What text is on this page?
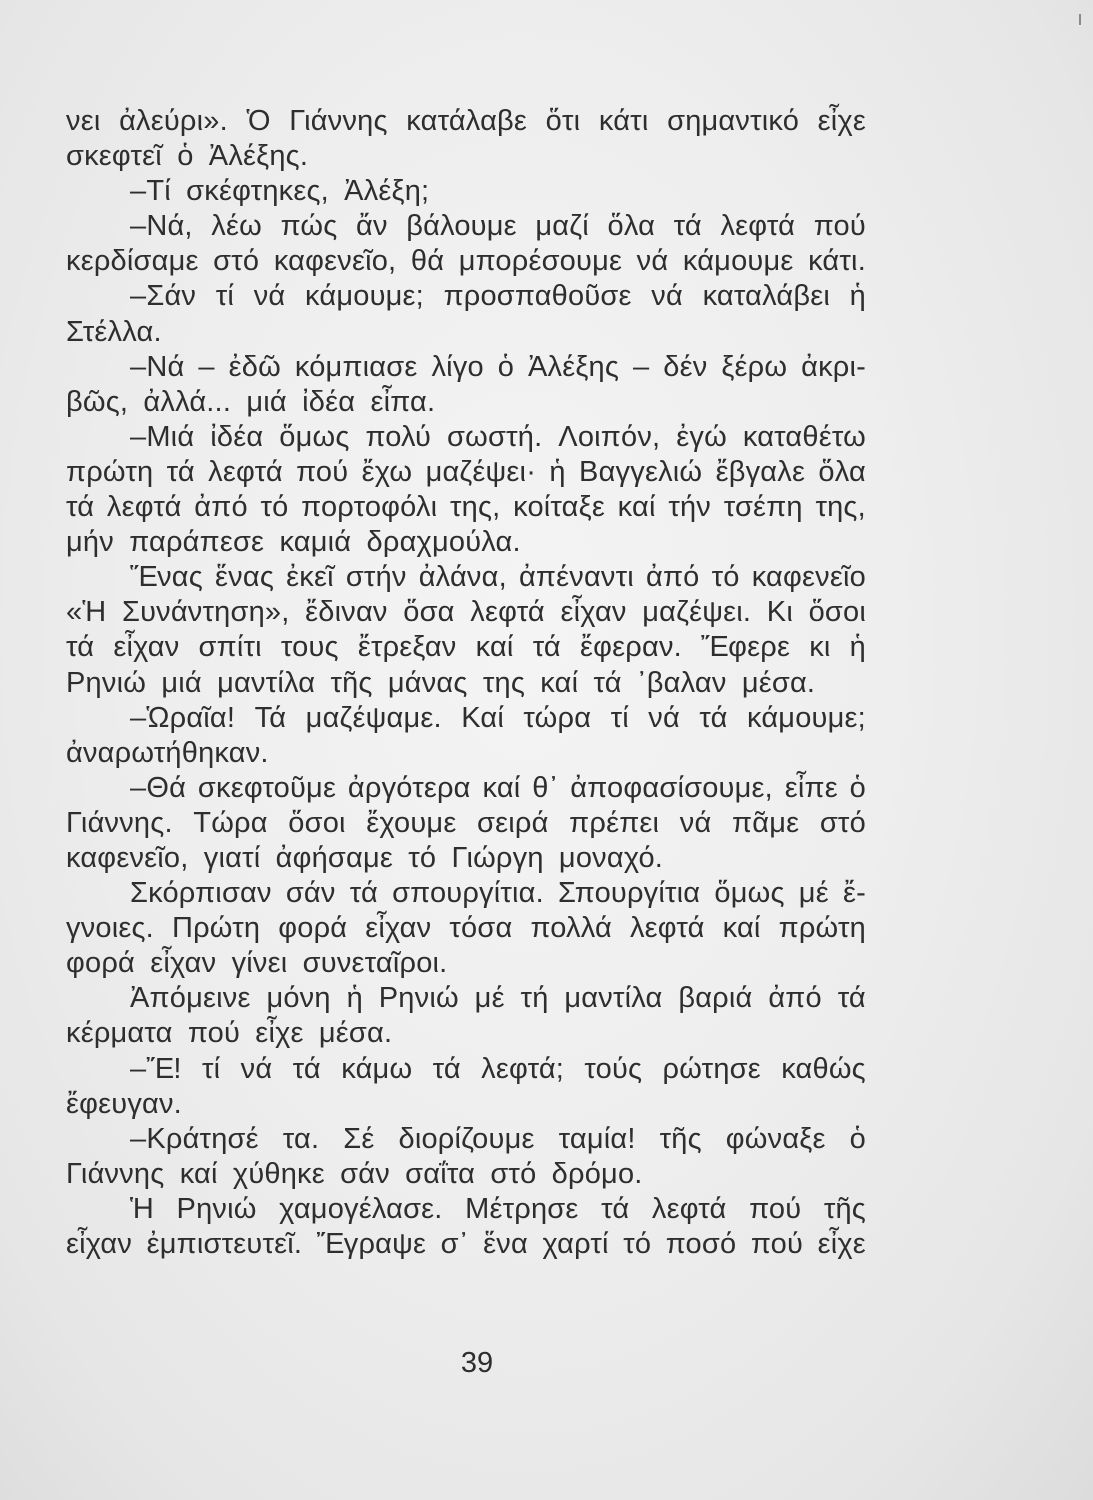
νει ἀλεύρι». Ὁ Γιάννης κατάλαβε ὅτι κάτι σημαντικό εἶχε
σκεφτεῖ ὁ Ἀλέξης.
–Τί σκέφτηκες, Ἀλέξη;
–Νά, λέω πώς ἄν βάλουμε μαζί ὅλα τά λεφτά πού
κερδίσαμε στό καφενεῖο, θά μπορέσουμε νά κάμουμε κάτι.
–Σάν τί νά κάμουμε; προσπαθοῦσε νά καταλάβει ἡ
Στέλλα.
–Νά – ἐδῶ κόμπιασε λίγο ὁ Ἀλέξης – δέν ξέρω ἀκρι-
βῶς, ἀλλά... μιά ἰδέα εἶπα.
–Μιά ἰδέα ὅμως πολύ σωστή. Λοιπόν, ἐγώ καταθέτω
πρώτη τά λεφτά πού ἔχω μαζέψει· ἡ Βαγγελιώ ἔβγαλε ὅλα
τά λεφτά ἀπό τό πορτοφόλι της, κοίταξε καί τήν τσέπη της,
μήν παράπεσε καμιά δραχμούλα.
Ἕνας ἕνας ἐκεῖ στήν ἀλάνα, ἀπέναντι ἀπό τό καφενεῖο
«Ἡ Συνάντηση», ἔδιναν ὅσα λεφτά εἶχαν μαζέψει. Κι ὅσοι
τά εἶχαν σπίτι τους ἔτρεξαν καί τά ἔφεραν. Ἔφερε κι ἡ
Ρηνιώ μιά μαντίλα τῆς μάνας της καί τά ᾿βαλαν μέσα.
–Ὡραῖα! Τά μαζέψαμε. Καί τώρα τί νά τά κάμουμε;
ἀναρωτήθηκαν.
–Θά σκεφτοῦμε ἀργότερα καί θ᾿ ἀποφασίσουμε, εἶπε ὁ
Γιάννης. Τώρα ὅσοι ἔχουμε σειρά πρέπει νά πᾶμε στό
καφενεῖο, γιατί ἀφήσαμε τό Γιώργη μοναχό.
Σκόρπισαν σάν τά σπουργίτια. Σπουργίτια ὅμως μέ ἔ-
γνοιες. Πρώτη φορά εἶχαν τόσα πολλά λεφτά καί πρώτη
φορά εἶχαν γίνει συνεταῖροι.
Ἀπόμεινε μόνη ἡ Ρηνιώ μέ τή μαντίλα βαριά ἀπό τά
κέρματα πού εἶχε μέσα.
–Ἔ! τί νά τά κάμω τά λεφτά; τούς ρώτησε καθώς
ἔφευγαν.
–Κράτησέ τα. Σέ διορίζουμε ταμία! τῆς φώναξε ὁ
Γιάννης καί χύθηκε σάν σαΐτα στό δρόμο.
Ἡ Ρηνιώ χαμογέλασε. Μέτρησε τά λεφτά πού τῆς
εἶχαν ἐμπιστευτεῖ. Ἔγραψε σ᾿ ἕνα χαρτί τό ποσό πού εἶχε
39
